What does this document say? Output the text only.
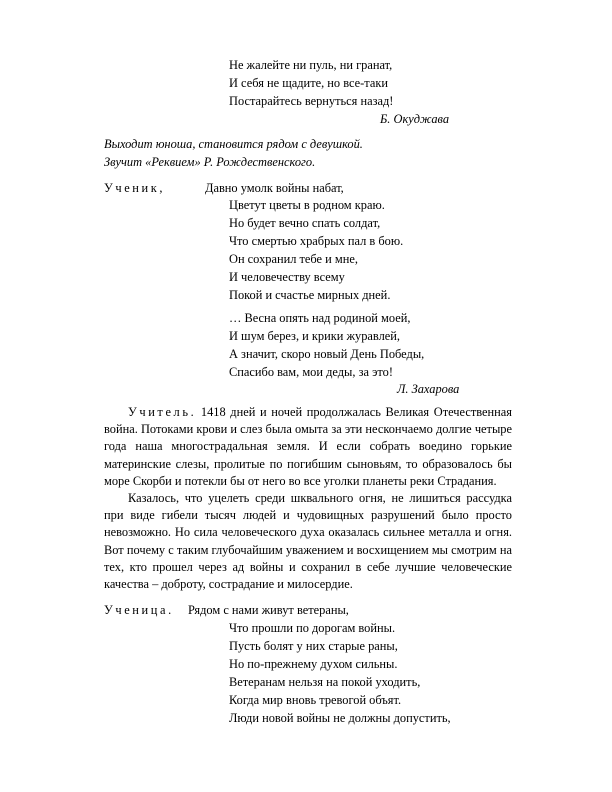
Не жалейте ни пуль, ни гранат,
И себя не щадите, но все-таки
Постарайтесь вернуться назад!
Б. Окуджава
Выходит юноша, становится рядом с девушкой.
Звучит «Реквием» Р. Рождественского.
Ученик,	Давно умолк войны набат,
Цветут цветы в родном краю.
Но будет вечно спать солдат,
Что смертью храбрых пал в бою.
Он сохранил тебе и мне,
И человечеству всему
Покой и счастье мирных дней.
… Весна опять над родиной моей,
И шум берез, и крики журавлей,
А значит, скоро новый День Победы,
Спасибо вам, мои деды, за это!
Л. Захарова

Учитель. 1418 дней и ночей продолжалась Великая Отечественная война. Потоками крови и слез была омыта за эти нескончаемо долгие четыре года наша многострадальная земля. И если собрать воедино горькие материнские слезы, пролитые по погибшим сыновьям, то образовалось бы море Скорби и потекли бы от него во все уголки планеты реки Страдания.

Казалось, что уцелеть среди шквального огня, не лишиться рассудка при виде гибели тысяч людей и чудовищных разрушений было просто невозможно. Но сила человеческого духа оказалась сильнее металла и огня. Вот почему с таким глубочайшим уважением и восхищением мы смотрим на тех, кто прошел через ад войны и сохранил в себе лучшие человеческие качества – доброту, сострадание и милосердие.

Ученица. Рядом с нами живут ветераны,
Что прошли по дорогам войны.
Пусть болят у них старые раны,
Но по-прежнему духом сильны.
Ветеранам нельзя на покой уходить,
Когда мир вновь тревогой объят.
Люди новой войны не должны допустить,
